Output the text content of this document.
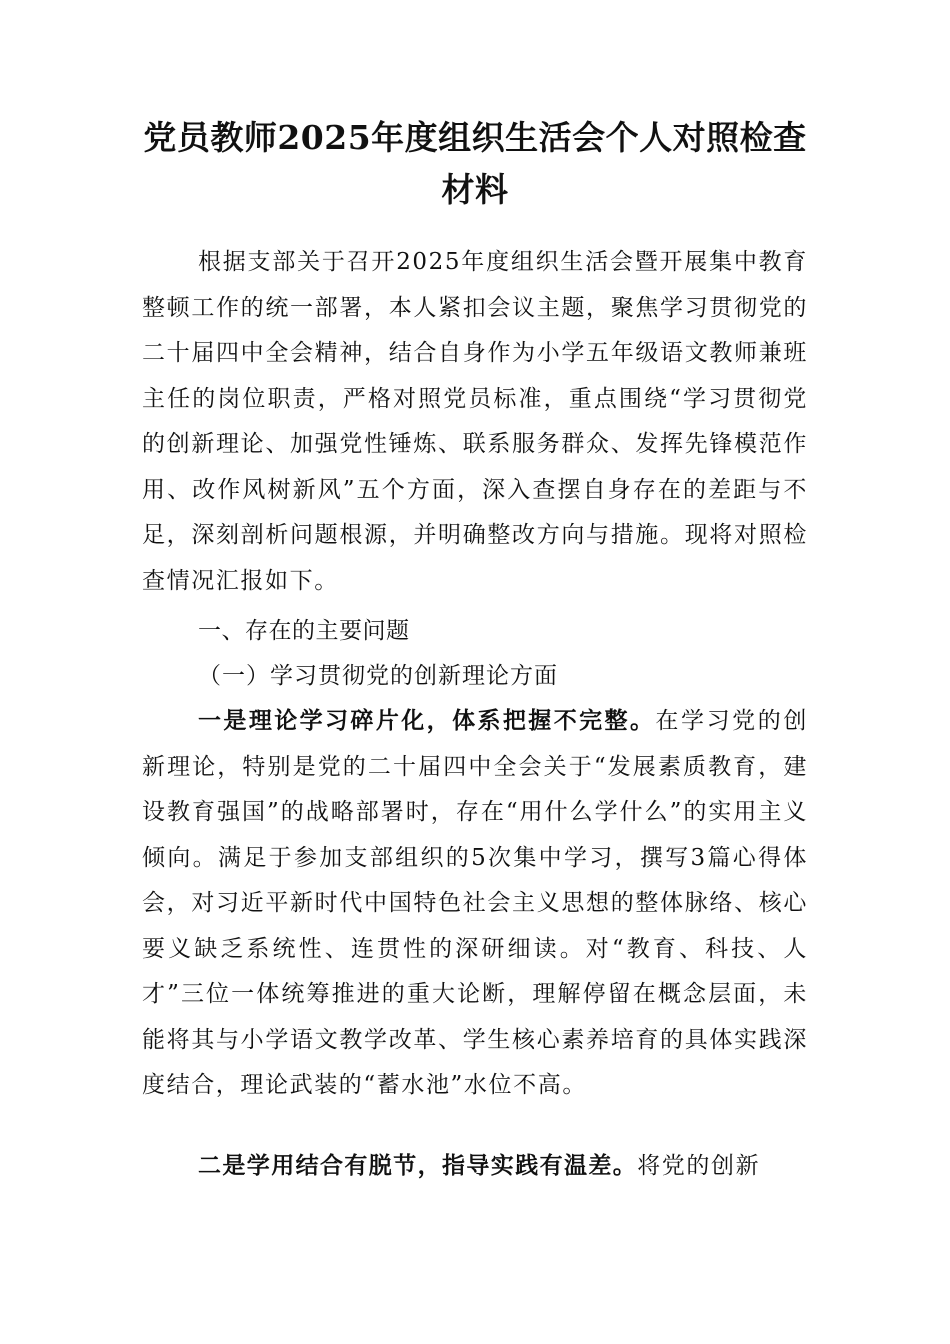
党员教师2025年度组织生活会个人对照检查材料
根据支部关于召开2025年度组织生活会暨开展集中教育整顿工作的统一部署，本人紧扣会议主题，聚焦学习贯彻党的二十届四中全会精神，结合自身作为小学五年级语文教师兼班主任的岗位职责，严格对照党员标准，重点围绕“学习贯彻党的创新理论、加强党性锤炼、联系服务群众、发挥先锋模范作用、改作风树新风”五个方面，深入查摆自身存在的差距与不足，深刻剖析问题根源，并明确整改方向与措施。现将对照检查情况汇报如下。
一、存在的主要问题
（一）学习贯彻党的创新理论方面
一是理论学习碎片化，体系把握不完整。在学习党的创新理论，特别是党的二十届四中全会关于“发展素质教育，建设教育强国”的战略部署时，存在“用什么学什么”的实用主义倾向。满足于参加支部组织的5次集中学习，撰写3篇心得体会，对习近平新时代中国特色社会主义思想的整体脉络、核心要义缺乏系统性、连贯性的深研细读。对“教育、科技、人才”三位一体统筹推进的重大论断，理解停留在概念层面，未能将其与小学语文教学改革、学生核心素养培育的具体实践深度结合，理论武装的“蓄水池”水位不高。
二是学用结合有脱节，指导实践有温差。将党的创新
